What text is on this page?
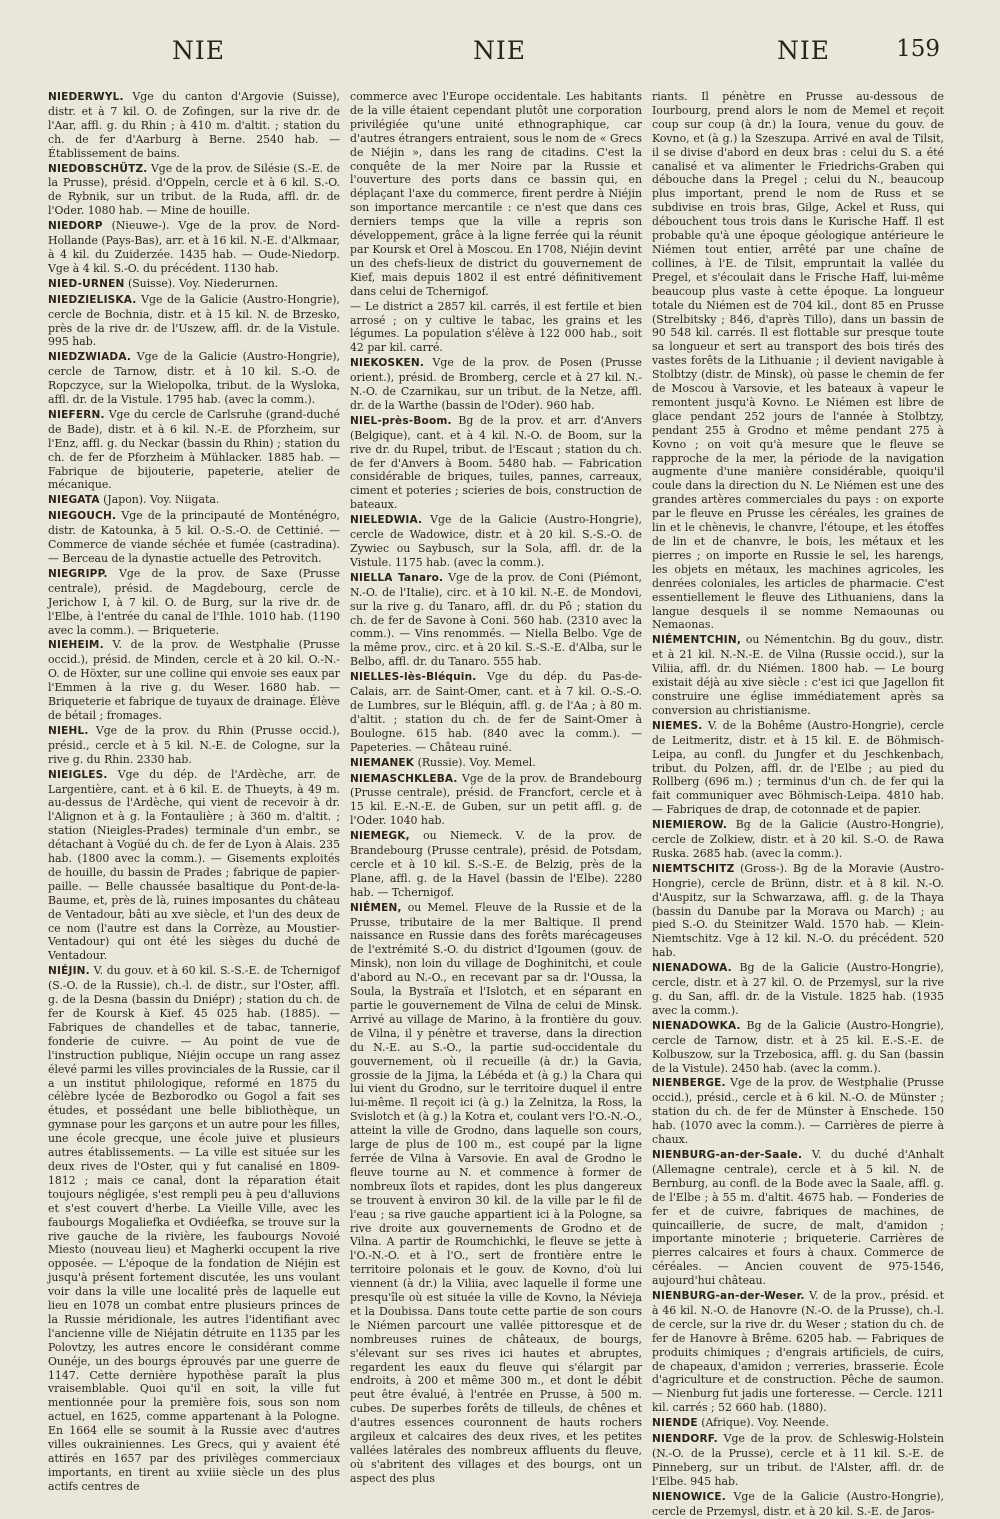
NIE	NIE	NIE	159

NIEDERWYL. Vge du canton d'Argovie (Suisse), distr. et à 7 kil. O. de Zofingen, sur la rive dr. de l'Aar, affl. g. du Rhin ; à 410 m. d'altit. ; station du ch. de fer d'Aarburg à Berne. 2540 hab. — Établissement de bains.

NIEDOBSCHÜTZ. Vge de la prov. de Silésie (S.-E. de la Prusse), présid. d'Oppeln, cercle et à 6 kil. S.-O. de Rybnik, sur un tribut. de la Ruda, affl. dr. de l'Oder. 1080 hab. — Mine de houille.

NIEDORP (Nieuwe-). Vge de la prov. de Nord-Hollande (Pays-Bas), arr. et à 16 kil. N.-E. d'Alkmaar, à 4 kil. du Zuiderzée. 1435 hab. — Oude-Niedorp. Vge à 4 kil. S.-O. du précédent. 1130 hab.

NIED-URNEN (Suisse). Voy. Niederurnen.

NIEDZIELISKA. Vge de la Galicie (Austro-Hongrie), cercle de Bochnia, distr. et à 15 kil. N. de Brzesko, près de la rive dr. de l'Uszew, affl. dr. de la Vistule. 995 hab.

NIEDZWIADA. Vge de la Galicie (Austro-Hongrie), cercle de Tarnow, distr. et à 10 kil. S.-O. de Ropczyce, sur la Wielopolka, tribut. de la Wysloka, affl. dr. de la Vistule. 1795 hab. (avec la comm.).

NIEFERN. Vge du cercle de Carlsruhe (grand-duché de Bade), distr. et à 6 kil. N.-E. de Pforzheim, sur l'Enz, affl. g. du Neckar (bassin du Rhin) ; station du ch. de fer de Pforzheim à Mühlacker. 1885 hab. — Fabrique de bijouterie, papeterie, atelier de mécanique.

NIEGATA (Japon). Voy. Niigata.

NIEGOUCH. Vge de la principauté de Monténégro, distr. de Katounka, à 5 kil. O.-S.-O. de Cettinié. — Commerce de viande séchée et fumée (castradina). — Berceau de la dynastie actuelle des Petrovitch.

NIEGRIPP. Vge de la prov. de Saxe (Prusse centrale), présid. de Magdebourg, cercle de Jerichow I, à 7 kil. O. de Burg, sur la rive dr. de l'Elbe, à l'entrée du canal de l'Ihle. 1010 hab. (1190 avec la comm.). — Briqueterie.

NIEHEIM. V. de la prov. de Westphalie (Prusse occid.), présid. de Minden, cercle et à 20 kil. O.-N.-O. de Höxter, sur une colline qui envoie ses eaux par l'Emmen à la rive g. du Weser. 1680 hab. — Briqueterie et fabrique de tuyaux de drainage. Élève de bétail ; fromages.

NIEHL. Vge de la prov. du Rhin (Prusse occid.), présid., cercle et à 5 kil. N.-E. de Cologne, sur la rive g. du Rhin. 2330 hab.

NIEIGLES. Vge du dép. de l'Ardèche, arr. de Largentière, cant. et à 6 kil. E. de Thueyts, à 49 m. au-dessus de l'Ardèche, qui vient de recevoir à dr. l'Alignon et à g. la Fontaulière ; à 360 m. d'altit. ; station (Nieigles-Prades) terminale d'un embr., se détachant à Vogüé du ch. de fer de Lyon à Alais. 235 hab. (1800 avec la comm.). — Gisements exploités de houille, du bassin de Prades ; fabrique de papier-paille. — Belle chaussée basaltique du Pont-de-la-Baume, et, près de là, ruines imposantes du château de Ventadour, bâti au xve siècle, et l'un des deux de ce nom (l'autre est dans la Corrèze, au Moustier-Ventadour) qui ont été les sièges du duché de Ventadour.

NIÉJIN. V. du gouv. et à 60 kil. S.-S.-E. de Tchernigof (S.-O. de la Russie), ch.-l. de distr., sur l'Oster, affl. g. de la Desna (bassin du Dniépr) ; station du ch. de fer de Koursk à Kief. 45 025 hab. (1885). — Fabriques de chandelles et de tabac, tannerie, fonderie de cuivre. — Au point de vue de l'instruction publique, Niéjin occupe un rang assez élevé parmi les villes provinciales de la Russie, car il a un institut philologique, reformé en 1875 du célèbre lycée de Bezborodko ou Gogol a fait ses études, et possédant une belle bibliothèque, un gymnase pour les garçons et un autre pour les filles, une école grecque, une école juive et plusieurs autres établissements. — La ville est située sur les deux rives de l'Oster, qui y fut canalisé en 1809-1812 ; mais ce canal, dont la réparation était toujours négligée, s'est rempli peu à peu d'alluvions et s'est couvert d'herbe. La Vieille Ville, avec les faubourgs Mogaliefka et Ovdiéefka, se trouve sur la rive gauche de la rivière, les faubourgs Novoié Miesto (nouveau lieu) et Magherki occupent la rive opposée. — L'époque de la fondation de Niéjin est jusqu'à présent fortement discutée, les uns voulant voir dans la ville une localité près de laquelle eut lieu en 1078 un combat entre plusieurs princes de la Russie méridionale, les autres l'identifiant avec l'ancienne ville de Niéjatin détruite en 1135 par les Polovtzy, les autres encore le considérant comme Ounéje, un des bourgs éprouvés par une guerre de 1147. Cette dernière hypothèse paraît la plus vraisemblable. Quoi qu'il en soit, la ville fut mentionnée pour la première fois, sous son nom actuel, en 1625, comme appartenant à la Pologne. En 1664 elle se soumit à la Russie avec d'autres villes oukrainiennes. Les Grecs, qui y avaient été attirés en 1657 par des privilèges commerciaux importants, en tirent au xviiie siècle un des plus actifs centres de

commerce avec l'Europe occidentale. Les habitants de la ville étaient cependant plutôt une corporation privilégiée qu'une unité ethnographique, car d'autres étrangers entraient, sous le nom de « Grecs de Niéjin », dans les rang de citadins. C'est la conquête de la mer Noire par la Russie et l'ouverture des ports dans ce bassin qui, en déplaçant l'axe du commerce, firent perdre à Niéjin son importance mercantile : ce n'est que dans ces derniers temps que la ville a repris son développement, grâce à la ligne ferrée qui la réunit par Koursk et Orel à Moscou. En 1708, Niéjin devint un des chefs-lieux de district du gouvernement de Kief, mais depuis 1802 il est entré définitivement dans celui de Tchernigof.

— Le district a 2857 kil. carrés, il est fertile et bien arrosé ; on y cultive le tabac, les grains et les légumes. La population s'élève à 122 000 hab., soit 42 par kil. carré.

NIEKOSKEN. Vge de la prov. de Posen (Prusse orient.), présid. de Bromberg, cercle et à 27 kil. N.-N.-O. de Czarnikau, sur un tribut. de la Netze, affl. dr. de la Warthe (bassin de l'Oder). 960 hab.

NIEL-près-Boom. Bg de la prov. et arr. d'Anvers (Belgique), cant. et à 4 kil. N.-O. de Boom, sur la rive dr. du Rupel, tribut. de l'Escaut ; station du ch. de fer d'Anvers à Boom. 5480 hab. — Fabrication considérable de briques, tuiles, pannes, carreaux, ciment et poteries ; scieries de bois, construction de bateaux.

NIELEDWIA. Vge de la Galicie (Austro-Hongrie), cercle de Wadowice, distr. et à 20 kil. S.-S.-O. de Zywiec ou Saybusch, sur la Sola, affl. dr. de la Vistule. 1175 hab. (avec la comm.).

NIELLA Tanaro. Vge de la prov. de Coni (Piémont, N.-O. de l'Italie), circ. et à 10 kil. N.-E. de Mondovi, sur la rive g. du Tanaro, affl. dr. du Pô ; station du ch. de fer de Savone à Coni. 560 hab. (2310 avec la comm.). — Vins renommés. — Niella Belbo. Vge de la même prov., circ. et à 20 kil. S.-S.-E. d'Alba, sur le Belbo, affl. dr. du Tanaro. 555 hab.

NIELLES-lès-Bléquin. Vge du dép. du Pas-de-Calais, arr. de Saint-Omer, cant. et à 7 kil. O.-S.-O. de Lumbres, sur le Bléquin, affl. g. de l'Aa ; à 80 m. d'altit. ; station du ch. de fer de Saint-Omer à Boulogne. 615 hab. (840 avec la comm.). — Papeteries. — Château ruiné.

NIEMANEK (Russie). Voy. Memel.

NIEMASCHKLEBA. Vge de la prov. de Brandebourg (Prusse centrale), présid. de Francfort, cercle et à 15 kil. E.-N.-E. de Guben, sur un petit affl. g. de l'Oder. 1040 hab.

NIEMEGK, ou Niemeck. V. de la prov. de Brandebourg (Prusse centrale), présid. de Potsdam, cercle et à 10 kil. S.-S.-E. de Belzig, près de la Plane, affl. g. de la Havel (bassin de l'Elbe). 2280 hab. — Tchernigof.

NIÉMEN, ou Memel. Fleuve de la Russie et de la Prusse, tributaire de la mer Baltique. Il prend naissance en Russie dans des forêts marécageuses de l'extrémité S.-O. du district d'Igoumen (gouv. de Minsk), non loin du village de Doghinitchi, et coule d'abord au N.-O., en recevant par sa dr. l'Oussa, la Soula, la Bystraïa et l'Islotch, et en séparant en partie le gouvernement de Vilna de celui de Minsk. Arrivé au village de Marino, à la frontière du gouv. de Vilna, il y pénètre et traverse, dans la direction du N.-E. au S.-O., la partie sud-occidentale du gouvernement, où il recueille (à dr.) la Gavia, grossie de la Jijma, la Lébéda et (à g.) la Chara qui lui vient du Grodno, sur le territoire duquel il entre lui-même. Il reçoit ici (à g.) la Zelnitza, la Ross, la Svislotch et (à g.) la Kotra et, coulant vers l'O.-N.-O., atteint la ville de Grodno, dans laquelle son cours, large de plus de 100 m., est coupé par la ligne ferrée de Vilna à Varsovie. En aval de Grodno le fleuve tourne au N. et commence à former de nombreux îlots et rapides, dont les plus dangereux se trouvent à environ 30 kil. de la ville par le fil de l'eau ; sa rive gauche appartient ici à la Pologne, sa rive droite aux gouvernements de Grodno et de Vilna. A partir de Roumchichki, le fleuve se jette à l'O.-N.-O. et à l'O., sert de frontière entre le territoire polonais et le gouv. de Kovno, d'où lui viennent (à dr.) la Viliia, avec laquelle il forme une presqu'île où est située la ville de Kovno, la Névieja et la Doubissa. Dans toute cette partie de son cours le Niémen parcourt une vallée pittoresque et de nombreuses ruines de châteaux, de bourgs, s'élevant sur ses rives ici hautes et abruptes, regardent les eaux du fleuve qui s'élargit par endroits, à 200 et même 300 m., et dont le débit peut être évalué, à l'entrée en Prusse, à 500 m. cubes. De superbes forêts de tilleuls, de chênes et d'autres essences couronnent de hauts rochers argileux et calcaires des deux rives, et les petites vallées latérales des nombreux affluents du fleuve, où s'abritent des villages et des bourgs, ont un aspect des plus

riants. Il pénètre en Prusse au-dessous de Iourbourg, prend alors le nom de Memel et reçoit coup sur coup (à dr.) la Ioura, venue du gouv. de Kovno, et (à g.) la Szeszupa. Arrivé en aval de Tilsit, il se divise d'abord en deux bras : celui du S. a été canalisé et va alimenter le Friedrichs-Graben qui débouche dans la Pregel ; celui du N., beaucoup plus important, prend le nom de Russ et se subdivise en trois bras, Gilge, Ackel et Russ, qui débouchent tous trois dans le Kurische Haff. Il est probable qu'à une époque géologique antérieure le Niémen tout entier, arrêté par une chaîne de collines, à l'E. de Tilsit, empruntait la vallée du Pregel, et s'écoulait dans le Frische Haff, lui-même beaucoup plus vaste à cette époque. La longueur totale du Niémen est de 704 kil., dont 85 en Prusse (Strelbitsky ; 846, d'après Tillo), dans un bassin de 90 548 kil. carrés. Il est flottable sur presque toute sa longueur et sert au transport des bois tirés des vastes forêts de la Lithuanie ; il devient navigable à Stolbtzy (distr. de Minsk), où passe le chemin de fer de Moscou à Varsovie, et les bateaux à vapeur le remontent jusqu'à Kovno. Le Niémen est libre de glace pendant 252 jours de l'année à Stolbtzy, pendant 255 à Grodno et même pendant 275 à Kovno ; on voit qu'à mesure que le fleuve se rapproche de la mer, la période de la navigation augmente d'une manière considérable, quoiqu'il coule dans la direction du N. Le Niémen est une des grandes artères commerciales du pays : on exporte par le fleuve en Prusse les céréales, les graines de lin et le chènevis, le chanvre, l'étoupe, et les étoffes de lin et de chanvre, le bois, les métaux et les pierres ; on importe en Russie le sel, les harengs, les objets en métaux, les machines agricoles, les denrées coloniales, les articles de pharmacie. C'est essentiellement le fleuve des Lithuaniens, dans la langue desquels il se nomme Nemaounas ou Nemaonas.

NIÉMENTCHIN, ou Némentchin. Bg du gouv., distr. et à 21 kil. N.-N.-E. de Vilna (Russie occid.), sur la Viliia, affl. dr. du Niémen. 1800 hab. — Le bourg existait déjà au xive siècle : c'est ici que Jagellon fit construire une église immédiatement après sa conversion au christianisme.

NIEMES. V. de la Bohême (Austro-Hongrie), cercle de Leitmeritz, distr. et à 15 kil. E. de Böhmisch-Leipa, au confl. du Jungfer et du Jeschkenbach, tribut. du Polzen, affl. dr. de l'Elbe ; au pied du Rollberg (696 m.) ; terminus d'un ch. de fer qui la fait communiquer avec Böhmisch-Leipa. 4810 hab. — Fabriques de drap, de cotonnade et de papier.

NIEMIEROW. Bg de la Galicie (Austro-Hongrie), cercle de Zolkiew, distr. et à 20 kil. S.-O. de Rawa Ruska. 2685 hab. (avec la comm.).

NIEMTSCHITZ (Gross-). Bg de la Moravie (Austro-Hongrie), cercle de Brünn, distr. et à 8 kil. N.-O. d'Auspitz, sur la Schwarzawa, affl. g. de la Thaya (bassin du Danube par la Morava ou March) ; au pied S.-O. du Steinitzer Wald. 1570 hab. — Klein-Niemtschitz. Vge à 12 kil. N.-O. du précédent. 520 hab.

NIENADOWA. Bg de la Galicie (Austro-Hongrie), cercle, distr. et à 27 kil. O. de Przemysl, sur la rive g. du San, affl. dr. de la Vistule. 1825 hab. (1935 avec la comm.).

NIENADOWKA. Bg de la Galicie (Austro-Hongrie), cercle de Tarnow, distr. et à 25 kil. E.-S.-E. de Kolbuszow, sur la Trzebosica, affl. g. du San (bassin de la Vistule). 2450 hab. (avec la comm.).

NIENBERGE. Vge de la prov. de Westphalie (Prusse occid.), présid., cercle et à 6 kil. N.-O. de Münster ; station du ch. de fer de Münster à Enschede. 150 hab. (1070 avec la comm.). — Carrières de pierre à chaux.

NIENBURG-an-der-Saale. V. du duché d'Anhalt (Allemagne centrale), cercle et à 5 kil. N. de Bernburg, au confl. de la Bode avec la Saale, affl. g. de l'Elbe ; à 55 m. d'altit. 4675 hab. — Fonderies de fer et de cuivre, fabriques de machines, de quincaillerie, de sucre, de malt, d'amidon ; importante minoterie ; briqueterie. Carrières de pierres calcaires et fours à chaux. Commerce de céréales. — Ancien couvent de 975-1546, aujourd'hui château.

NIENBURG-an-der-Weser. V. de la prov., présid. et à 46 kil. N.-O. de Hanovre (N.-O. de la Prusse), ch.-l. de cercle, sur la rive dr. du Weser ; station du ch. de fer de Hanovre à Brême. 6205 hab. — Fabriques de produits chimiques ; d'engrais artificiels, de cuirs, de chapeaux, d'amidon ; verreries, brasserie. École d'agriculture et de construction. Pêche de saumon. — Nienburg fut jadis une forteresse. — Cercle. 1211 kil. carrés ; 52 660 hab. (1880).

NIENDE (Afrique). Voy. Neende.

NIENDORF. Vge de la prov. de Schleswig-Holstein (N.-O. de la Prusse), cercle et à 11 kil. S.-E. de Pinneberg, sur un tribut. de l'Alster, affl. dr. de l'Elbe. 945 hab.

NIENOWICE. Vge de la Galicie (Austro-Hongrie), cercle de Przemysl, distr. et à 20 kil. S.-E. de Jaros-
